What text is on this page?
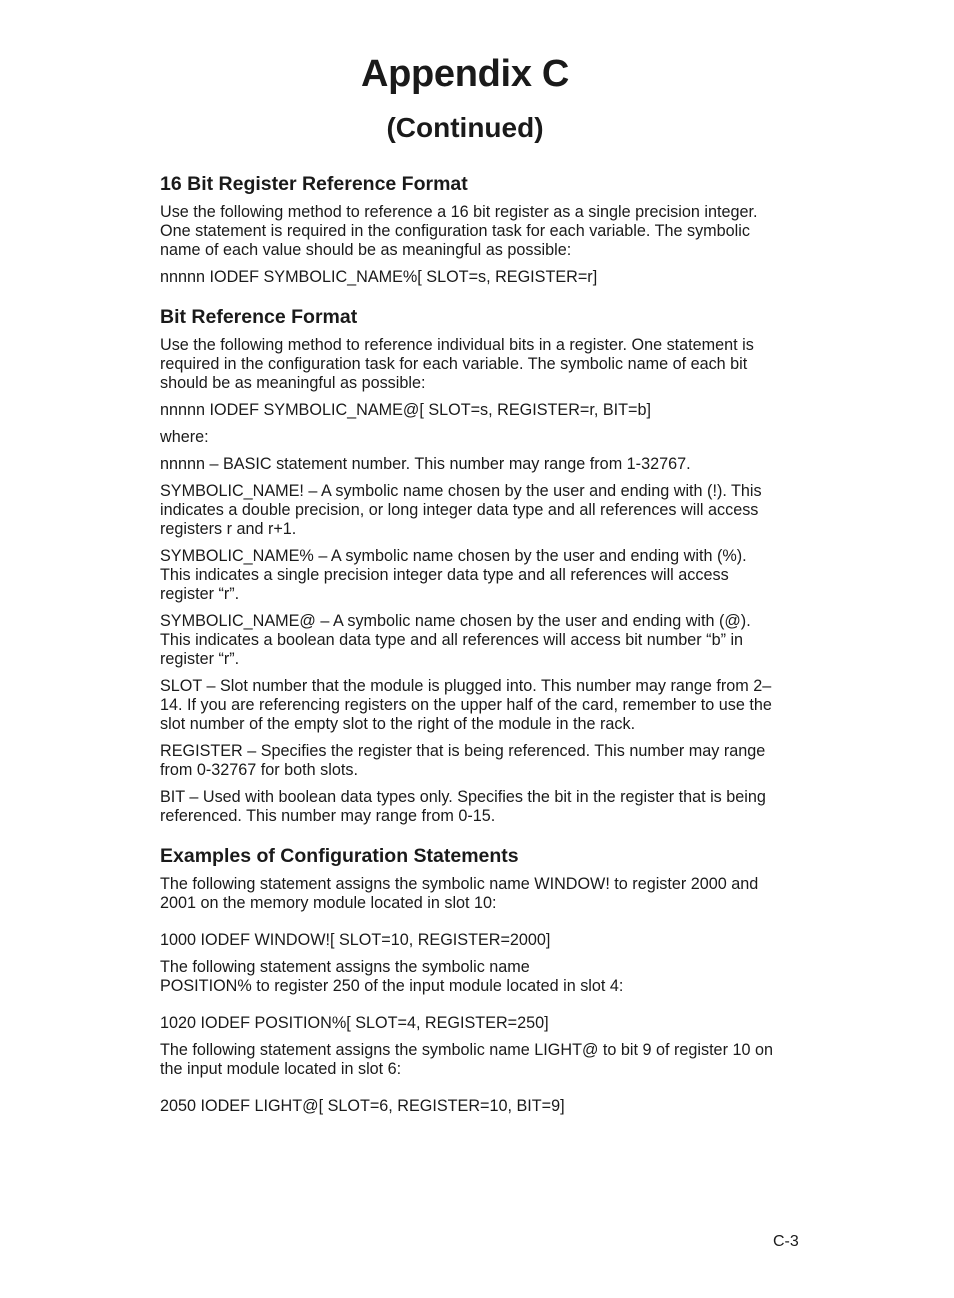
Appendix C
(Continued)
16 Bit Register Reference Format

Use the following method to reference a 16 bit register as a single precision integer. One statement is required in the configuration task for each variable. The symbolic name of each value should be as meaningful as possible:

nnnnn IODEF SYMBOLIC_NAME%[ SLOT=s, REGISTER=r]

Bit Reference Format

Use the following method to reference individual bits in a register. One statement is required in the configuration task for each variable. The symbolic name of each bit should be as meaningful as possible:

nnnnn IODEF SYMBOLIC_NAME@[ SLOT=s, REGISTER=r, BIT=b]

where:

nnnnn – BASIC statement number. This number may range from 1-32767.

SYMBOLIC_NAME! – A symbolic name chosen by the user and ending with (!). This indicates a double precision, or long integer data type and all references will access registers r and r+1.

SYMBOLIC_NAME% – A symbolic name chosen by the user and ending with (%). This indicates a single precision integer data type and all references will access register “r”.

SYMBOLIC_NAME@ – A symbolic name chosen by the user and ending with (@). This indicates a boolean data type and all references will access bit number “b” in register “r”.

SLOT – Slot number that the module is plugged into. This number may range from 2–14. If you are referencing registers on the upper half of the card, remember to use the slot number of the empty slot to the right of the module in the rack.

REGISTER – Specifies the register that is being referenced. This number may range from 0-32767 for both slots.

BIT – Used with boolean data types only. Specifies the bit in the register that is being referenced. This number may range from 0-15.

Examples of Configuration Statements

The following statement assigns the symbolic name WINDOW! to register 2000 and 2001 on the memory module located in slot 10:

1000 IODEF WINDOW![ SLOT=10, REGISTER=2000]

The following statement assigns the symbolic name
POSITION% to register 250 of the input module located in slot 4:

1020 IODEF POSITION%[ SLOT=4, REGISTER=250]

The following statement assigns the symbolic name LIGHT@ to bit 9 of register 10 on the input module located in slot 6:

2050 IODEF LIGHT@[ SLOT=6, REGISTER=10, BIT=9]

C-3
